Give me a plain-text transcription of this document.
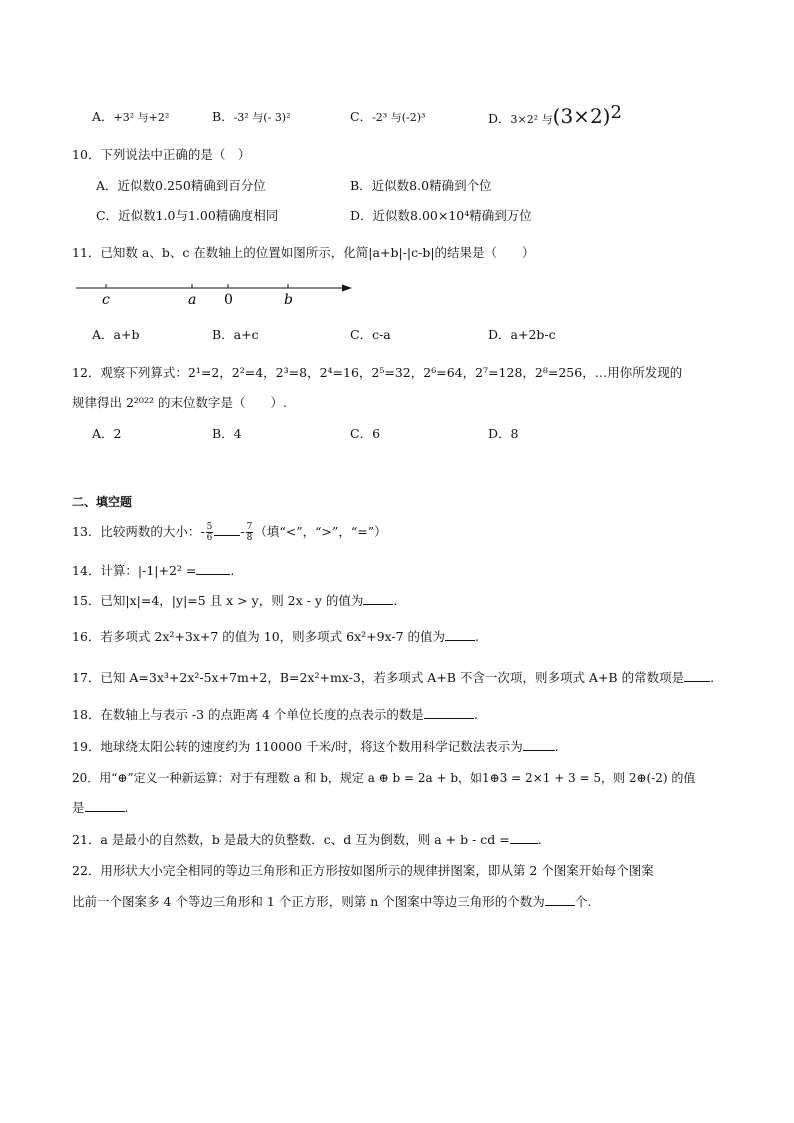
A．+3² 与+2²	B．-3² 与(- 3)²	C．-2³ 与(-2)³	D．3×2² 与$(3\times 2)^2$
10．下列说法中正确的是（　）
A．近似数0.250精确到百分位	B．近似数8.0精确到个位
C．近似数1.0与1.00精确度相同	D．近似数8.00×10⁴精确到万位
11．已知数 a、b、c 在数轴上的位置如图所示，化简|a+b|-|c-b|的结果是（　　）
c	a 0	b
A．a+b	B．a+c	C．c-a	D．a+2b-c
12．观察下列算式：2¹=2，2²=4，2³=8，2⁴=16，2⁵=32，2⁶=64，2⁷=128，2⁸=256，…用你所发现的
规律得出 2²⁰²² 的末位数字是（　　）.
A．2	B．4	C．6	D．8
二、填空题
13．比较两数的大小：- $\frac{5}{6} - \frac{7}{8}$ （填“<”，“>”，“=”）
14．计算：|-1|+2² =	.
15．已知|x|=4，|y|=5 且 x > y，则 2x - y 的值为 .
16．若多项式 2x²+3x+7 的值为 10，则多项式 6x²+9x-7 的值为 .
17．已知 A=3x³+2x²-5x+7m+2，B=2x²+mx-3，若多项式 A+B 不含一次项，则多项式 A+B 的常数项是 .
18．在数轴上与表示 -3 的点距离 4 个单位长度的点表示的数是	.
19．地球绕太阳公转的速度约为 110000 千米/时，将这个数用科学记数法表示为	.
20．用“⊕”定义一种新运算：对于有理数 a 和 b，规定 a ⊕ b = 2a + b，如1⊕3 = 2×1 + 3 = 5，则 2⊕(-2) 的值
是	.
21．a 是最小的自然数，b 是最大的负整数．c、d 互为倒数，则 a + b - cd = .
22．用形状大小完全相同的等边三角形和正方形按如图所示的规律拼图案，即从第 2 个图案开始每个图案
比前一个图案多 4 个等边三角形和 1 个正方形，则第 n 个图案中等边三角形的个数为 个.
